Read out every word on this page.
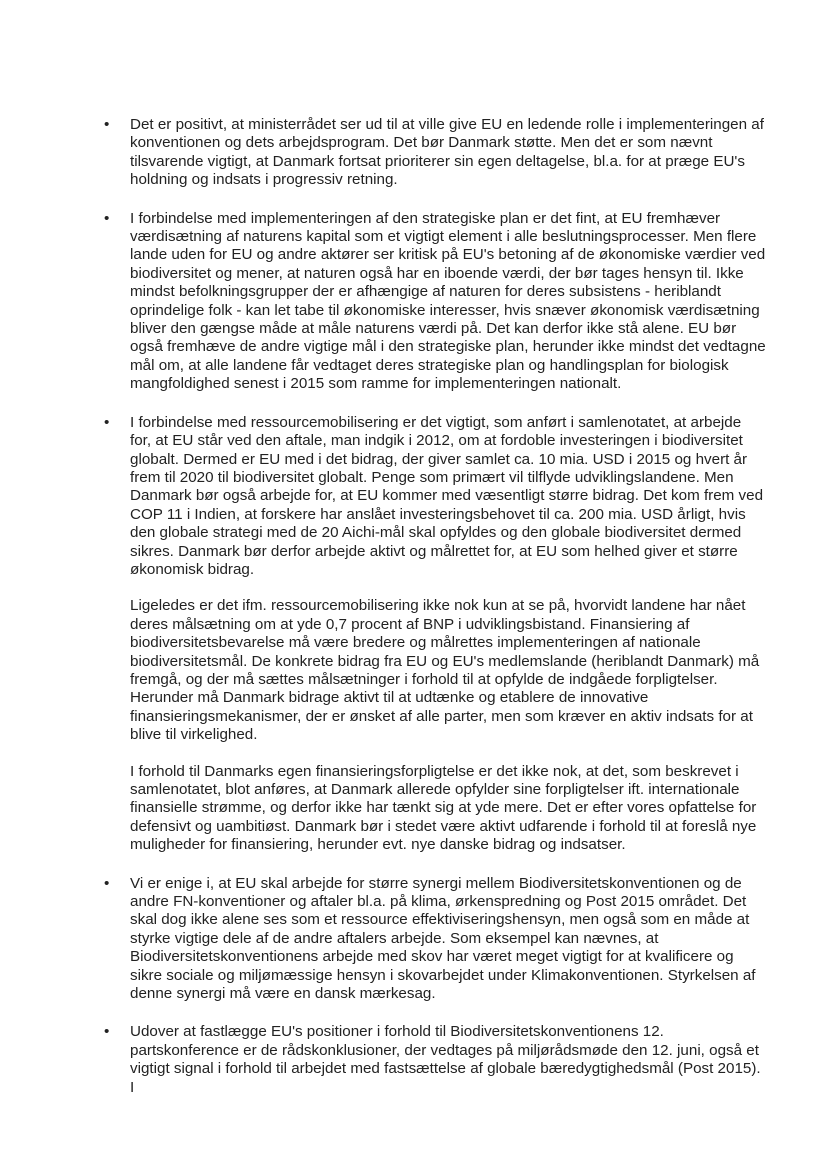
•	Det er positivt, at ministerrådet ser ud til at ville give EU en ledende rolle i implementeringen af konventionen og dets arbejdsprogram. Det bør Danmark støtte. Men det er som nævnt tilsvarende vigtigt, at Danmark fortsat prioriterer sin egen deltagelse, bl.a. for at præge EU's holdning og indsats i progressiv retning.

•	I forbindelse med implementeringen af den strategiske plan er det fint, at EU fremhæver værdisætning af naturens kapital som et vigtigt element i alle beslutningsprocesser. Men flere lande uden for EU og andre aktører ser kritisk på EU's betoning af de økonomiske værdier ved biodiversitet og mener, at naturen også har en iboende værdi, der bør tages hensyn til. Ikke mindst befolkningsgrupper der er afhængige af naturen for deres subsistens - heriblandt oprindelige folk - kan let tabe til økonomiske interesser, hvis snæver økonomisk værdisætning bliver den gængse måde at måle naturens værdi på. Det kan derfor ikke stå alene. EU bør også fremhæve de andre vigtige mål i den strategiske plan, herunder ikke mindst det vedtagne mål om, at alle landene får vedtaget deres strategiske plan og handlingsplan for biologisk mangfoldighed senest i 2015 som ramme for implementeringen nationalt.

•	I forbindelse med ressourcemobilisering er det vigtigt, som anført i samlenotatet, at arbejde for, at EU står ved den aftale, man indgik i 2012, om at fordoble investeringen i biodiversitet globalt. Dermed er EU med i det bidrag, der giver samlet ca. 10 mia. USD i 2015 og hvert år frem til 2020 til biodiversitet globalt. Penge som primært vil tilflyde udviklingslandene. Men Danmark bør også arbejde for, at EU kommer med væsentligt større bidrag. Det kom frem ved COP 11 i Indien, at forskere har anslået investeringsbehovet til ca. 200 mia. USD årligt, hvis den globale strategi med de 20 Aichi-mål skal opfyldes og den globale biodiversitet dermed sikres. Danmark bør derfor arbejde aktivt og målrettet for, at EU som helhed giver et større økonomisk bidrag.

Ligeledes er det ifm. ressourcemobilisering ikke nok kun at se på, hvorvidt landene har nået deres målsætning om at yde 0,7 procent af BNP i udviklingsbistand. Finansiering af biodiversitetsbevarelse må være bredere og målrettes implementeringen af nationale biodiversitetsmål. De konkrete bidrag fra EU og EU's medlemslande (heriblandt Danmark) må fremgå, og der må sættes målsætninger i forhold til at opfylde de indgåede forpligtelser. Herunder må Danmark bidrage aktivt til at udtænke og etablere de innovative finansieringsmekanismer, der er ønsket af alle parter, men som kræver en aktiv indsats for at blive til virkelighed.

I forhold til Danmarks egen finansieringsforpligtelse er det ikke nok, at det, som beskrevet i samlenotatet, blot anføres, at Danmark allerede opfylder sine forpligtelser ift. internationale finansielle strømme, og derfor ikke har tænkt sig at yde mere. Det er efter vores opfattelse for defensivt og uambitiøst. Danmark bør i stedet være aktivt udfarende i forhold til at foreslå nye muligheder for finansiering, herunder evt. nye danske bidrag og indsatser.

•	Vi er enige i, at EU skal arbejde for større synergi mellem Biodiversitetskonventionen og de andre FN-konventioner og aftaler bl.a. på klima, ørkenspredning og Post 2015 området. Det skal dog ikke alene ses som et ressource effektiviseringshensyn, men også som en måde at styrke vigtige dele af de andre aftalers arbejde. Som eksempel kan nævnes, at Biodiversitetskonventionens arbejde med skov har været meget vigtigt for at kvalificere og sikre sociale og miljømæssige hensyn i skovarbejdet under Klimakonventionen. Styrkelsen af denne synergi må være en dansk mærkesag.

•	Udover at fastlægge EU's positioner i forhold til Biodiversitetskonventionens 12. partskonference er de rådskonklusioner, der vedtages på miljørådsmøde den 12. juni, også et vigtigt signal i forhold til arbejdet med fastsættelse af globale bæredygtighedsmål (Post 2015). I
